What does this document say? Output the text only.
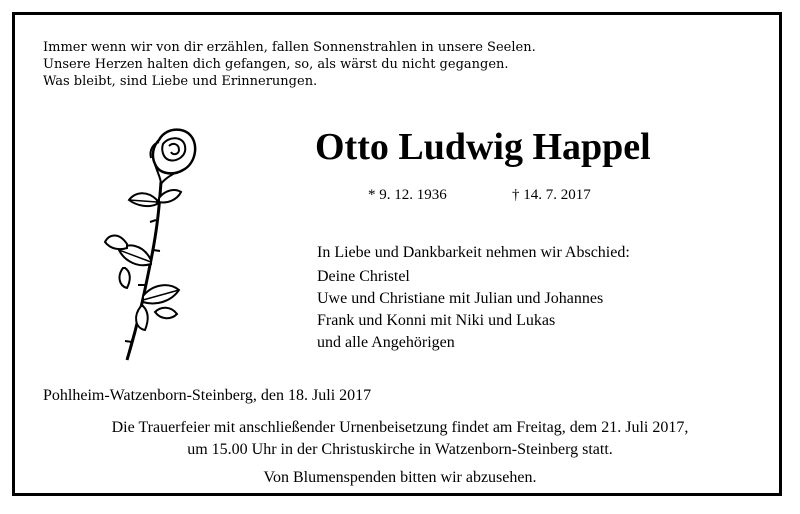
Immer wenn wir von dir erzählen, fallen Sonnenstrahlen in unsere Seelen.
Unsere Herzen halten dich gefangen, so, als wärst du nicht gegangen.
Was bleibt, sind Liebe und Erinnerungen.
Otto Ludwig Happel
* 9. 12. 1936	† 14. 7. 2017
In Liebe und Dankbarkeit nehmen wir Abschied:
Deine Christel
Uwe und Christiane mit Julian und Johannes
Frank und Konni mit Niki und Lukas
und alle Angehörigen
Pohlheim-Watzenborn-Steinberg, den 18. Juli 2017
Die Trauerfeier mit anschließender Urnenbeisetzung findet am Freitag, dem 21. Juli 2017,
um 15.00 Uhr in der Christuskirche in Watzenborn-Steinberg statt.
Von Blumenspenden bitten wir abzusehen.
